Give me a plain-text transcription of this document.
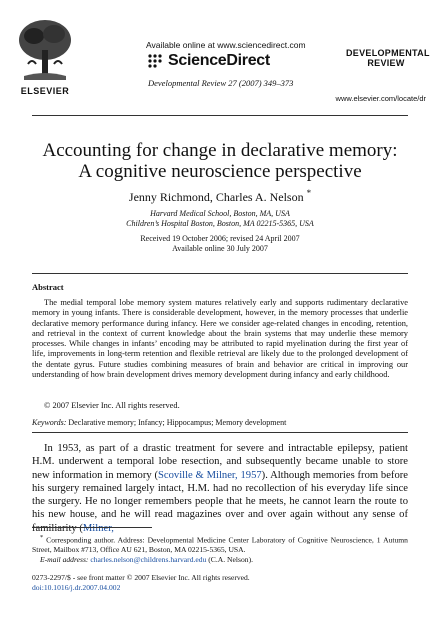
ELSEVIER
Available online at www.sciencedirect.com
ScienceDirect
Developmental Review 27 (2007) 349–373
DEVELOPMENTAL
REVIEW
www.elsevier.com/locate/dr
Accounting for change in declarative memory:
A cognitive neuroscience perspective
Jenny Richmond, Charles A. Nelson *
Harvard Medical School, Boston, MA, USA
Children’s Hospital Boston, Boston, MA 02215-5365, USA
Received 19 October 2006; revised 24 April 2007
Available online 30 July 2007
Abstract
The medial temporal lobe memory system matures relatively early and supports rudimentary declarative memory in young infants. There is considerable development, however, in the memory processes that underlie declarative memory performance during infancy. Here we consider age-related changes in encoding, retention, and retrieval in the context of current knowledge about the brain systems that may underlie these memory processes. While changes in infants’ encoding may be attributed to rapid myelination during the first year of life, improvements in long-term retention and flexible retrieval are likely due to the prolonged development of the dentate gyrus. Future studies combining measures of brain and behavior are critical in improving our understanding of how brain development drives memory development during infancy and early childhood.
© 2007 Elsevier Inc. All rights reserved.
Keywords: Declarative memory; Infancy; Hippocampus; Memory development
In 1953, as part of a drastic treatment for severe and intractable epilepsy, patient H.M. underwent a temporal lobe resection, and subsequently became unable to store new information in memory (Scoville & Milner, 1957). Although memories from before his surgery remained largely intact, H.M. had no recollection of his everyday life since the surgery. He no longer remembers people that he meets, he cannot learn the route to his new house, and he will read magazines over and over again without any sense of familiarity (Milner,
* Corresponding author. Address: Developmental Medicine Center Laboratory of Cognitive Neuroscience, 1 Autumn Street, Mailbox #713, Office AU 621, Boston, MA 02215-5365, USA.
E-mail address: charles.nelson@childrens.harvard.edu (C.A. Nelson).
0273-2297/$ - see front matter © 2007 Elsevier Inc. All rights reserved.
doi:10.1016/j.dr.2007.04.002
